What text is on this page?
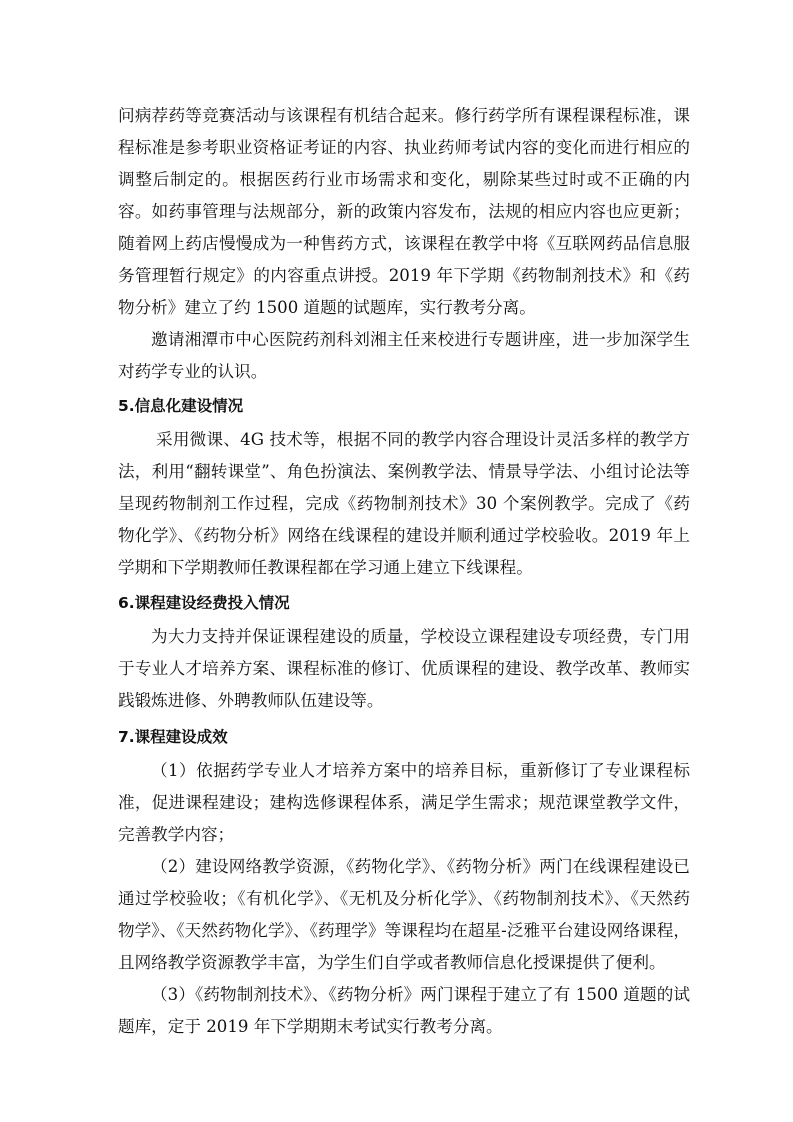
问病荐药等竞赛活动与该课程有机结合起来。修行药学所有课程课程标准，课程标准是参考职业资格证考证的内容、执业药师考试内容的变化而进行相应的调整后制定的。根据医药行业市场需求和变化，剔除某些过时或不正确的内容。如药事管理与法规部分，新的政策内容发布，法规的相应内容也应更新；随着网上药店慢慢成为一种售药方式，该课程在教学中将《互联网药品信息服务管理暂行规定》的内容重点讲授。2019 年下学期《药物制剂技术》和《药物分析》建立了约 1500 道题的试题库，实行教考分离。

邀请湘潭市中心医院药剂科刘湘主任来校进行专题讲座，进一步加深学生对药学专业的认识。

5.信息化建设情况

采用微课、4G 技术等，根据不同的教学内容合理设计灵活多样的教学方法，利用“翻转课堂”、角色扮演法、案例教学法、情景导学法、小组讨论法等呈现药物制剂工作过程，完成《药物制剂技术》30 个案例教学。完成了《药物化学》、《药物分析》网络在线课程的建设并顺利通过学校验收。2019 年上学期和下学期教师任教课程都在学习通上建立下线课程。

6.课程建设经费投入情况

为大力支持并保证课程建设的质量，学校设立课程建设专项经费，专门用于专业人才培养方案、课程标准的修订、优质课程的建设、教学改革、教师实践锻炼进修、外聘教师队伍建设等。

7.课程建设成效

（1）依据药学专业人才培养方案中的培养目标，重新修订了专业课程标准，促进课程建设；建构选修课程体系，满足学生需求；规范课堂教学文件，完善教学内容；

（2）建设网络教学资源，《药物化学》、《药物分析》两门在线课程建设已通过学校验收；《有机化学》、《无机及分析化学》、《药物制剂技术》、《天然药物学》、《天然药物化学》、《药理学》等课程均在超星-泛雅平台建设网络课程，且网络教学资源教学丰富，为学生们自学或者教师信息化授课提供了便利。

（3）《药物制剂技术》、《药物分析》两门课程于建立了有 1500 道题的试题库，定于 2019 年下学期期末考试实行教考分离。
